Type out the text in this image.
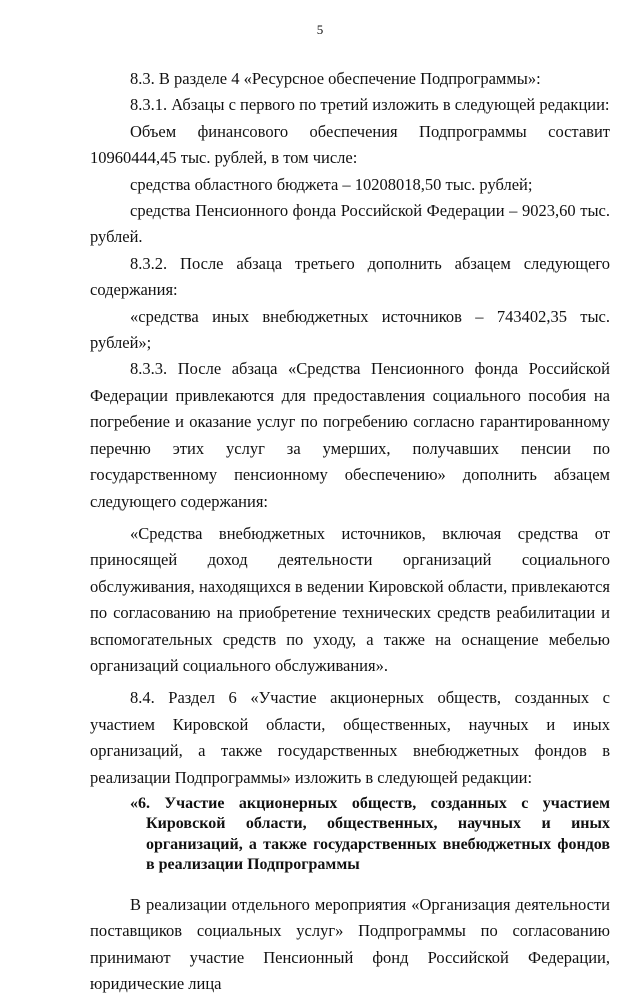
5

8.3. В разделе 4 «Ресурсное обеспечение Подпрограммы»:

8.3.1. Абзацы с первого по третий изложить в следующей редакции:

Объем финансового обеспечения Подпрограммы составит 10960444,45 тыс. рублей, в том числе:

средства областного бюджета – 10208018,50 тыс. рублей;

средства Пенсионного фонда Российской Федерации – 9023,60 тыс. рублей.

8.3.2. После абзаца третьего дополнить абзацем следующего содержания:

«средства иных внебюджетных источников – 743402,35 тыс. рублей»;

8.3.3. После абзаца «Средства Пенсионного фонда Российской Федерации привлекаются для предоставления социального пособия на погребение и оказание услуг по погребению согласно гарантированному перечню этих услуг за умерших, получавших пенсии по государственному пенсионному обеспечению» дополнить абзацем следующего содержания:

«Средства внебюджетных источников, включая средства от приносящей доход деятельности организаций социального обслуживания, находящихся в ведении Кировской области, привлекаются по согласованию на приобретение технических средств реабилитации и вспомогательных средств по уходу, а также на оснащение мебелью организаций социального обслуживания».

8.4. Раздел 6 «Участие акционерных обществ, созданных с участием Кировской области, общественных, научных и иных организаций, а также государственных внебюджетных фондов в реализации Подпрограммы» изложить в следующей редакции:

«6. Участие акционерных обществ, созданных с участием Кировской области, общественных, научных и иных организаций, а также государственных внебюджетных фондов в реализации Подпрограммы

В реализации отдельного мероприятия «Организация деятельности поставщиков социальных услуг» Подпрограммы по согласованию принимают участие Пенсионный фонд Российской Федерации, юридические лица
